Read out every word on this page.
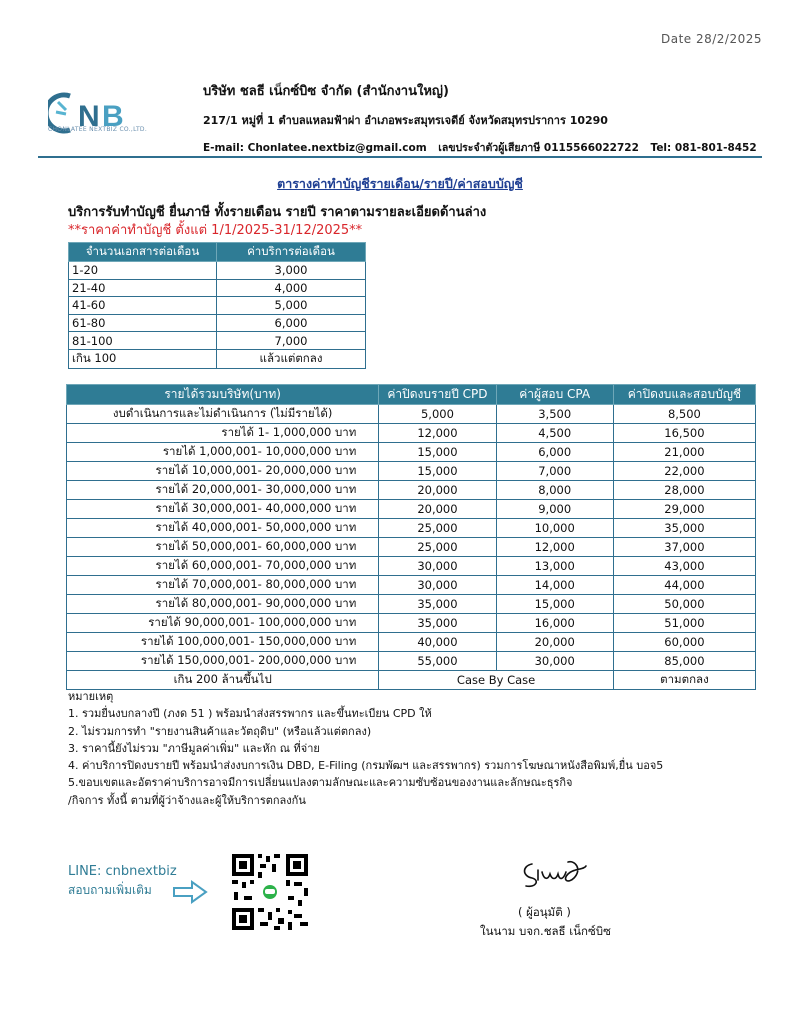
Date 28/2/2025
N B
CHONLATEE NEXTBIZ CO.,LTD.
บริษัท ชลธี เน็กซ์บิซ จำกัด (สำนักงานใหญ่)
217/1 หมู่ที่ 1 ตำบลแหลมฟ้าผ่า อำเภอพระสมุทรเจดีย์ จังหวัดสมุทรปราการ 10290
E-mail: Chonlatee.nextbiz@gmail.com เลขประจำตัวผู้เสียภาษี 0115566022722 Tel: 081-801-8452
ตารางค่าทำบัญชีรายเดือน/รายปี/ค่าสอบบัญชี
บริการรับทำบัญชี ยื่นภาษี ทั้งรายเดือน รายปี ราคาตามรายละเอียดด้านล่าง
**ราคาค่าทำบัญชี ตั้งแต่ 1/1/2025-31/12/2025**
จำนวนเอกสารต่อเดือน	ค่าบริการต่อเดือน
1-20	3,000
21-40	4,000
41-60	5,000
61-80	6,000
81-100	7,000
เกิน 100	แล้วแต่ตกลง
รายได้รวมบริษัท(บาท)	ค่าปิดงบรายปี CPD	ค่าผู้สอบ CPA	ค่าปิดงบและสอบบัญชี
งบดำเนินการและไม่ดำเนินการ (ไม่มีรายได้)	5,000	3,500	8,500
รายได้ 1- 1,000,000 บาท	12,000	4,500	16,500
รายได้ 1,000,001- 10,000,000 บาท	15,000	6,000	21,000
รายได้ 10,000,001- 20,000,000 บาท	15,000	7,000	22,000
รายได้ 20,000,001- 30,000,000 บาท	20,000	8,000	28,000
รายได้ 30,000,001- 40,000,000 บาท	20,000	9,000	29,000
รายได้ 40,000,001- 50,000,000 บาท	25,000	10,000	35,000
รายได้ 50,000,001- 60,000,000 บาท	25,000	12,000	37,000
รายได้ 60,000,001- 70,000,000 บาท	30,000	13,000	43,000
รายได้ 70,000,001- 80,000,000 บาท	30,000	14,000	44,000
รายได้ 80,000,001- 90,000,000 บาท	35,000	15,000	50,000
รายได้ 90,000,001- 100,000,000 บาท	35,000	16,000	51,000
รายได้ 100,000,001- 150,000,000 บาท	40,000	20,000	60,000
รายได้ 150,000,001- 200,000,000 บาท	55,000	30,000	85,000
เกิน 200 ล้านขึ้นไป	Case By Case		ตามตกลง
หมายเหตุ
1. รวมยื่นงบกลางปี (ภงด 51 ) พร้อมนำส่งสรรพากร และขึ้นทะเบียน CPD ให้
2. ไม่รวมการทำ "รายงานสินค้าและวัตถุดิบ" (หรือแล้วแต่ตกลง)
3. ราคานี้ยังไม่รวม "ภาษีมูลค่าเพิ่ม" และหัก ณ ที่จ่าย
4. ค่าบริการปิดงบรายปี พร้อมนำส่งงบการเงิน DBD, E-Filing (กรมพัฒฯ และสรรพากร) รวมการโฆษณาหนังสือพิมพ์,ยื่น บอจ5
5.ขอบเขตและอัตราค่าบริการอาจมีการเปลี่ยนแปลงตามลักษณะและความซับซ้อนของงานและลักษณะธุรกิจ
/กิจการ ทั้งนี้ ตามที่ผู้ว่าจ้างและผู้ให้บริการตกลงกัน
LINE: cnbnextbiz
สอบถามเพิ่มเติม
( ผู้อนุมัติ )
ในนาม บจก.ชลธี เน็กซ์บิซ
